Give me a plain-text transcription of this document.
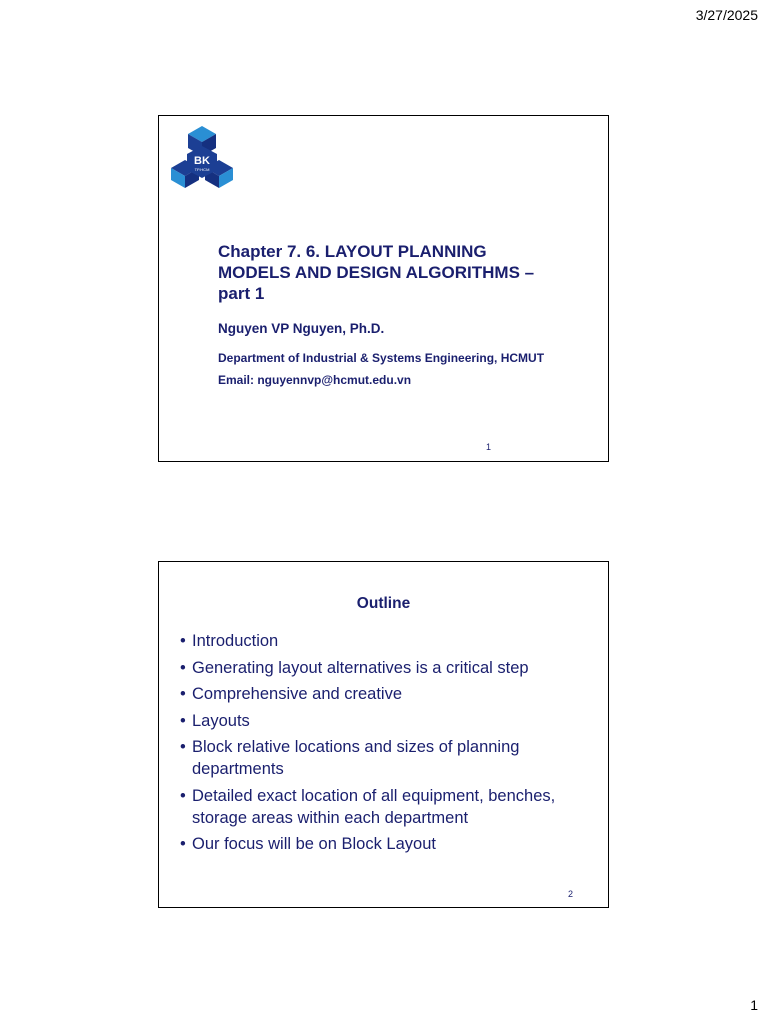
3/27/2025
BK
TP.HCM
Chapter 7. 6. LAYOUT PLANNING MODELS AND DESIGN ALGORITHMS – part 1

Nguyen VP Nguyen, Ph.D.

Department of Industrial & Systems Engineering, HCMUT

Email: nguyennvp@hcmut.edu.vn

1
Outline
• Introduction
• Generating layout alternatives is a critical step
• Comprehensive and creative
• Layouts
• Block relative locations and sizes of planning departments
• Detailed exact location of all equipment, benches, storage areas within each department
• Our focus will be on Block Layout
2
1
